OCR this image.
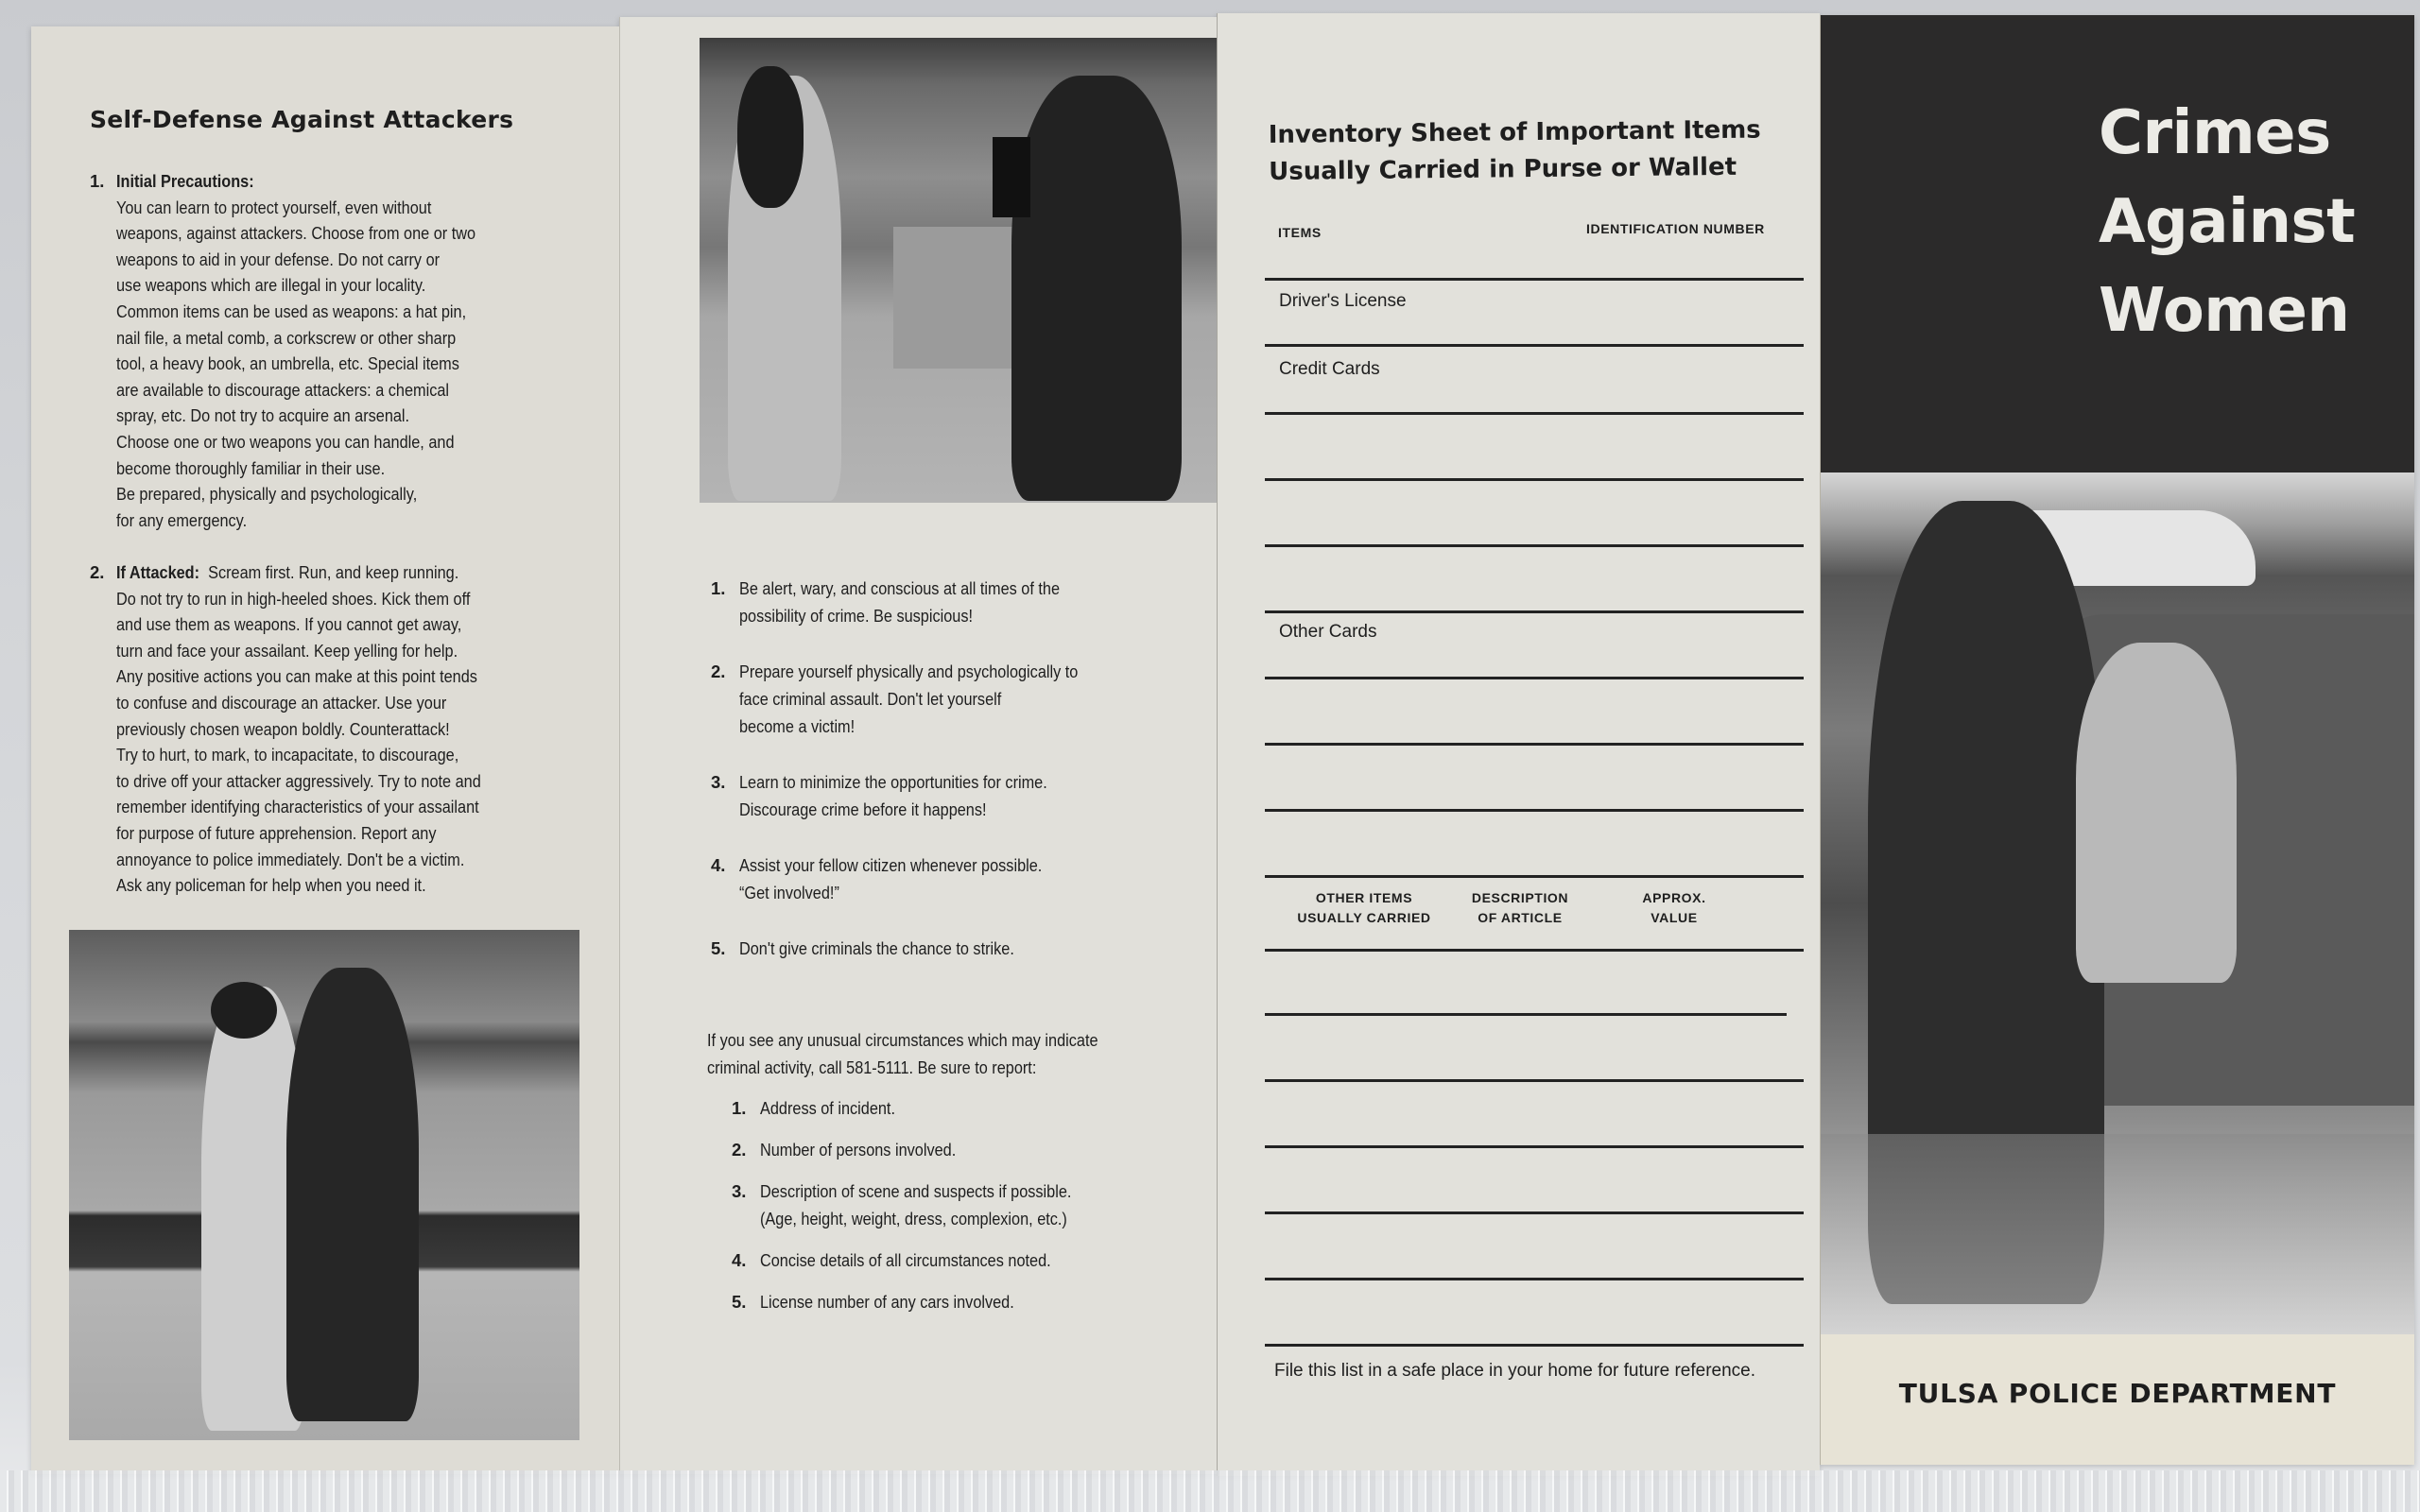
Self-Defense Against Attackers
1. Initial Precautions:
You can learn to protect yourself, even without
weapons, against attackers. Choose from one or two
weapons to aid in your defense. Do not carry or
use weapons which are illegal in your locality.
Common items can be used as weapons: a hat pin,
nail file, a metal comb, a corkscrew or other sharp
tool, a heavy book, an umbrella, etc. Special items
are available to discourage attackers: a chemical
spray, etc. Do not try to acquire an arsenal.
Choose one or two weapons you can handle, and
become thoroughly familiar in their use.
Be prepared, physically and psychologically,
for any emergency.
2. If Attacked: Scream first. Run, and keep running.
Do not try to run in high-heeled shoes. Kick them off
and use them as weapons. If you cannot get away,
turn and face your assailant. Keep yelling for help.
Any positive actions you can make at this point tends
to confuse and discourage an attacker. Use your
previously chosen weapon boldly. Counterattack!
Try to hurt, to mark, to incapacitate, to discourage,
to drive off your attacker aggressively. Try to note and
remember identifying characteristics of your assailant
for purpose of future apprehension. Report any
annoyance to police immediately. Don't be a victim.
Ask any policeman for help when you need it.
1. Be alert, wary, and conscious at all times of the
possibility of crime. Be suspicious!
2. Prepare yourself physically and psychologically to
face criminal assault. Don't let yourself
become a victim!
3. Learn to minimize the opportunities for crime.
Discourage crime before it happens!
4. Assist your fellow citizen whenever possible.
“Get involved!”
5. Don't give criminals the chance to strike.
If you see any unusual circumstances which may indicate
criminal activity, call 581-5111. Be sure to report:
1. Address of incident.
2. Number of persons involved.
3. Description of scene and suspects if possible.
(Age, height, weight, dress, complexion, etc.)
4. Concise details of all circumstances noted.
5. License number of any cars involved.
Inventory Sheet of Important Items
Usually Carried in Purse or Wallet
ITEMS	IDENTIFICATION NUMBER
Driver's License
Credit Cards
Other Cards
OTHER ITEMS
USUALLY CARRIED
DESCRIPTION
OF ARTICLE
APPROX.
VALUE
File this list in a safe place in your home for future reference.
Crimes
Against
Women
TULSA POLICE DEPARTMENT
